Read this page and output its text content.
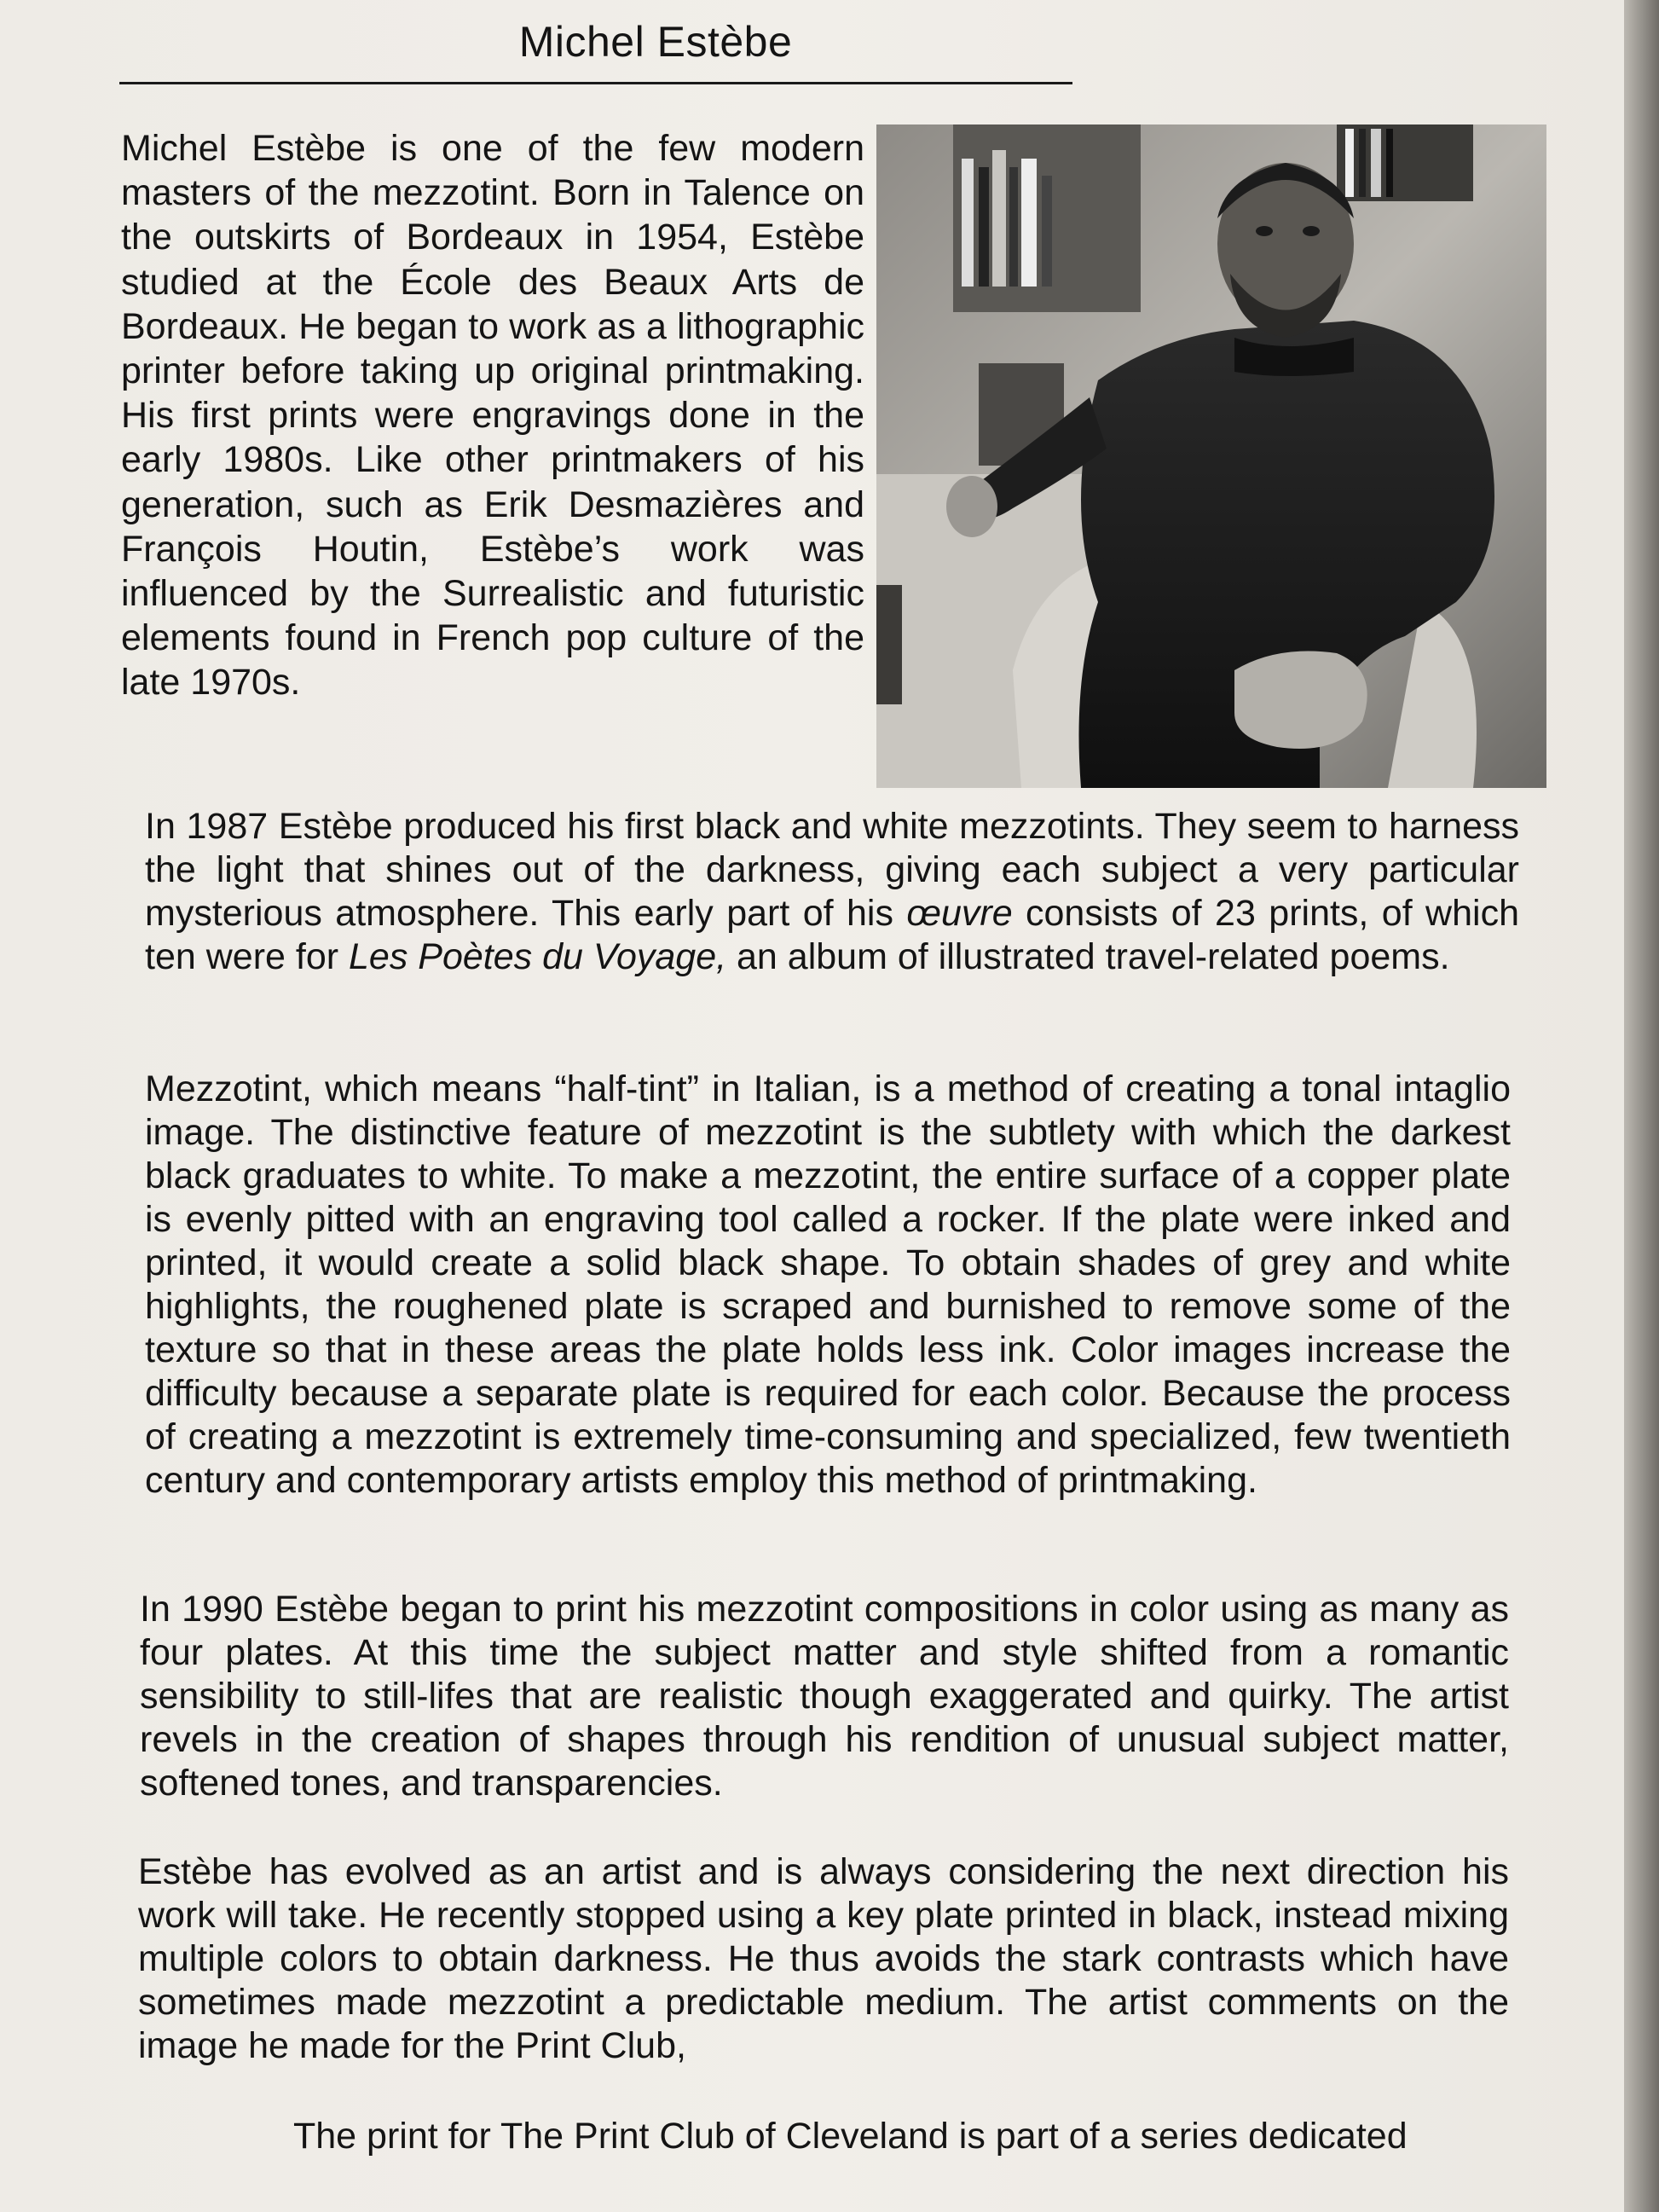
Michel Estèbe
Michel Estèbe is one of the few modern masters of the mezzotint. Born in Talence on the outskirts of Bordeaux in 1954, Estèbe studied at the École des Beaux Arts de Bordeaux. He began to work as a lithographic printer before taking up original printmaking. His first prints were engravings done in the early 1980s. Like other printmakers of his generation, such as Erik Desmazières and François Houtin, Estèbe’s work was influenced by the Surrealistic and futuristic elements found in French pop culture of the late 1970s.
In 1987 Estèbe produced his first black and white mezzotints. They seem to harness the light that shines out of the darkness, giving each subject a very particular mysterious atmosphere. This early part of his œuvre consists of 23 prints, of which ten were for Les Poètes du Voyage, an album of illustrated travel-related poems.
Mezzotint, which means “half-tint” in Italian, is a method of creating a tonal intaglio image. The distinctive feature of mezzotint is the subtlety with which the darkest black graduates to white. To make a mezzotint, the entire surface of a copper plate is evenly pitted with an engraving tool called a rocker. If the plate were inked and printed, it would create a solid black shape. To obtain shades of grey and white highlights, the roughened plate is scraped and burnished to remove some of the texture so that in these areas the plate holds less ink. Color images increase the difficulty because a separate plate is required for each color. Because the process of creating a mezzotint is extremely time-consuming and specialized, few twentieth century and contemporary artists employ this method of printmaking.
In 1990 Estèbe began to print his mezzotint compositions in color using as many as four plates. At this time the subject matter and style shifted from a romantic sensibility to still-lifes that are realistic though exaggerated and quirky. The artist revels in the creation of shapes through his rendition of unusual subject matter, softened tones, and transparencies.
Estèbe has evolved as an artist and is always considering the next direction his work will take. He recently stopped using a key plate printed in black, instead mixing multiple colors to obtain darkness. He thus avoids the stark contrasts which have sometimes made mezzotint a predictable medium. The artist comments on the image he made for the Print Club,
The print for The Print Club of Cleveland is part of a series dedicated
